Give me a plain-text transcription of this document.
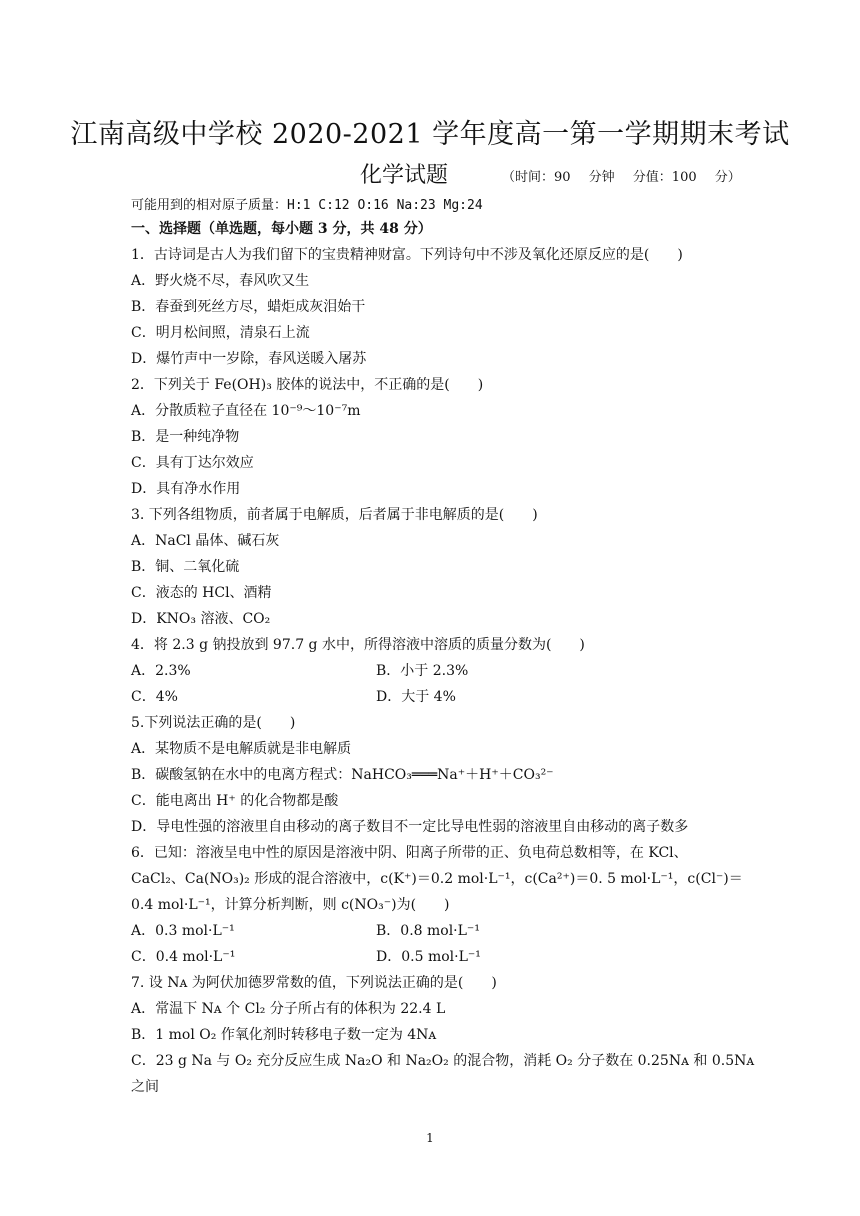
江南高级中学校 2020-2021 学年度高一第一学期期末考试
化学试题	（时间：90 分钟 分值：100 分）
可能用到的相对原子质量：H:1 C:12 O:16 Na:23 Mg:24
一、选择题（单选题，每小题 3 分，共 48 分）
1．古诗词是古人为我们留下的宝贵精神财富。下列诗句中不涉及氧化还原反应的是(　　)
A．野火烧不尽，春风吹又生
B．春蚕到死丝方尽，蜡炬成灰泪始干
C．明月松间照，清泉石上流
D．爆竹声中一岁除，春风送暖入屠苏
2．下列关于 Fe(OH)₃ 胶体的说法中，不正确的是(　　)
A．分散质粒子直径在 10⁻⁹～10⁻⁷m
B．是一种纯净物
C．具有丁达尔效应
D．具有净水作用
3. 下列各组物质，前者属于电解质，后者属于非电解质的是(　　)
A．NaCl 晶体、碱石灰
B．铜、二氧化硫
C．液态的 HCl、酒精
D．KNO₃ 溶液、CO₂
4．将 2.3 g 钠投放到 97.7 g 水中，所得溶液中溶质的质量分数为(　　)
A．2.3%	B．小于 2.3%
C．4%	D．大于 4%
5.下列说法正确的是(　　)
A．某物质不是电解质就是非电解质
B．碳酸氢钠在水中的电离方程式：NaHCO₃═══Na⁺＋H⁺＋CO₃²⁻
C．能电离出 H⁺ 的化合物都是酸
D．导电性强的溶液里自由移动的离子数目不一定比导电性弱的溶液里自由移动的离子数多
6．已知：溶液呈电中性的原因是溶液中阴、阳离子所带的正、负电荷总数相等，在 KCl、
CaCl₂、Ca(NO₃)₂ 形成的混合溶液中，c(K⁺)＝0.2 mol·L⁻¹，c(Ca²⁺)＝0. 5 mol·L⁻¹，c(Cl⁻)＝
0.4 mol·L⁻¹，计算分析判断，则 c(NO₃⁻)为(　　)
A．0.3 mol·L⁻¹	B．0.8 mol·L⁻¹
C．0.4 mol·L⁻¹	D．0.5 mol·L⁻¹
7. 设 Nᴀ 为阿伏加德罗常数的值，下列说法正确的是(　　)
A．常温下 Nᴀ 个 Cl₂ 分子所占有的体积为 22.4 L
B．1 mol O₂ 作氧化剂时转移电子数一定为 4Nᴀ
C．23 g Na 与 O₂ 充分反应生成 Na₂O 和 Na₂O₂ 的混合物，消耗 O₂ 分子数在 0.25Nᴀ 和 0.5Nᴀ
之间
1
